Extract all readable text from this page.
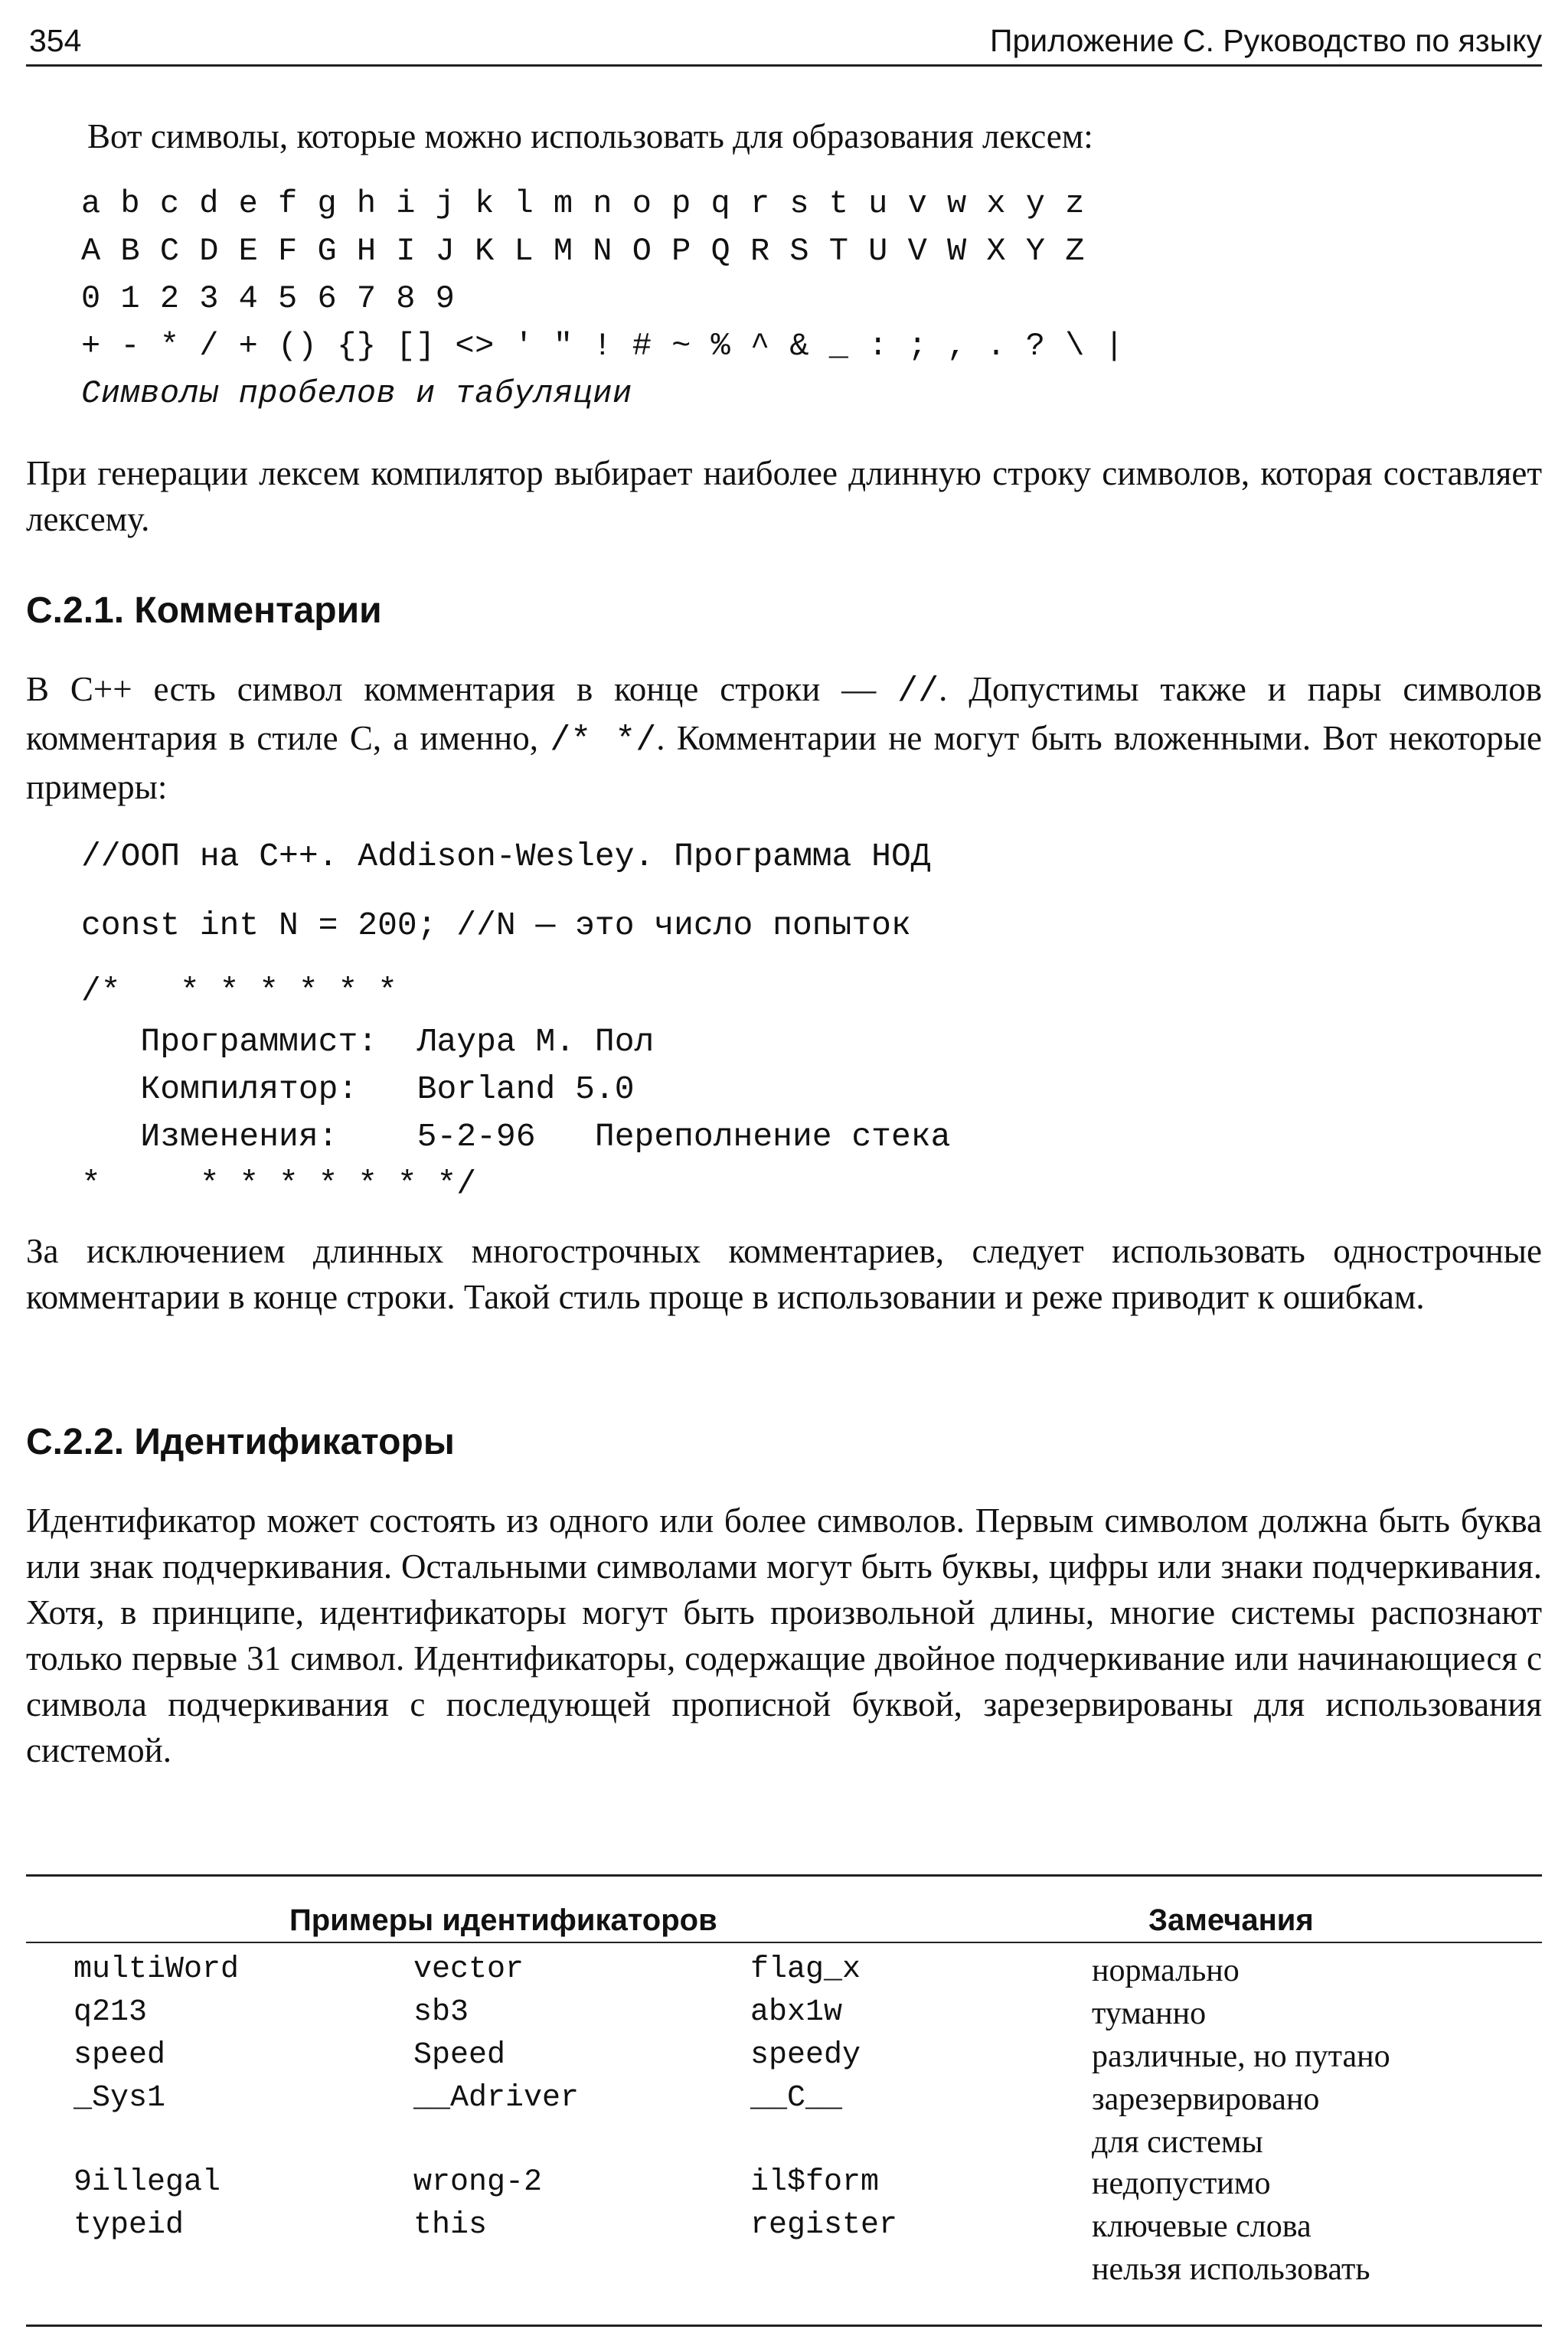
354	Приложение С. Руководство по языку

Вот символы, которые можно использовать для образования лексем:

a b c d e f g h i j k l m n o p q r s t u v w x y z
A B C D E F G H I J K L M N O P Q R S T U V W X Y Z
0 1 2 3 4 5 6 7 8 9
+ - * / + () {} [] <> ' " ! # ~ % ^ & _ : ; , . ? \ |
Символы пробелов и табуляции

При генерации лексем компилятор выбирает наиболее длинную строку символов, которая составляет лексему.

С.2.1. Комментарии

В С++ есть символ комментария в конце строки — //. Допустимы также и пары символов комментария в стиле С, а именно, /* */. Комментарии не могут быть вложенными. Вот некоторые примеры:

//ООП на С++. Addison-Wesley. Программа НОД
const int N = 200; //N — это число попыток
/*   * * * * * *
Программист:  Лаура М. Пол
Компилятор:   Borland 5.0
Изменения:    5-2-96   Переполнение стека
*     * * * * * * */

За исключением длинных многострочных комментариев, следует использовать однострочные комментарии в конце строки. Такой стиль проще в использовании и реже приводит к ошибкам.

С.2.2. Идентификаторы

Идентификатор может состоять из одного или более символов. Первым символом должна быть буква или знак подчеркивания. Остальными символами могут быть буквы, цифры или знаки подчеркивания. Хотя, в принципе, идентификаторы могут быть произвольной длины, многие системы распознают только первые 31 символ. Идентификаторы, содержащие двойное подчеркивание или начинающиеся с символа подчеркивания с последующей прописной буквой, зарезервированы для использования системой.

Примеры идентификаторов	Замечания
multiWord	vector	flag_x	нормально
q213	sb3	abx1w	туманно
speed	Speed	speedy	различные, но путано
_Sys1	__Adriver	__C__	зарезервировано
для системы
9illegal	wrong-2	il$form	недопустимо
typeid	this	register	ключевые слова
нельзя использовать
